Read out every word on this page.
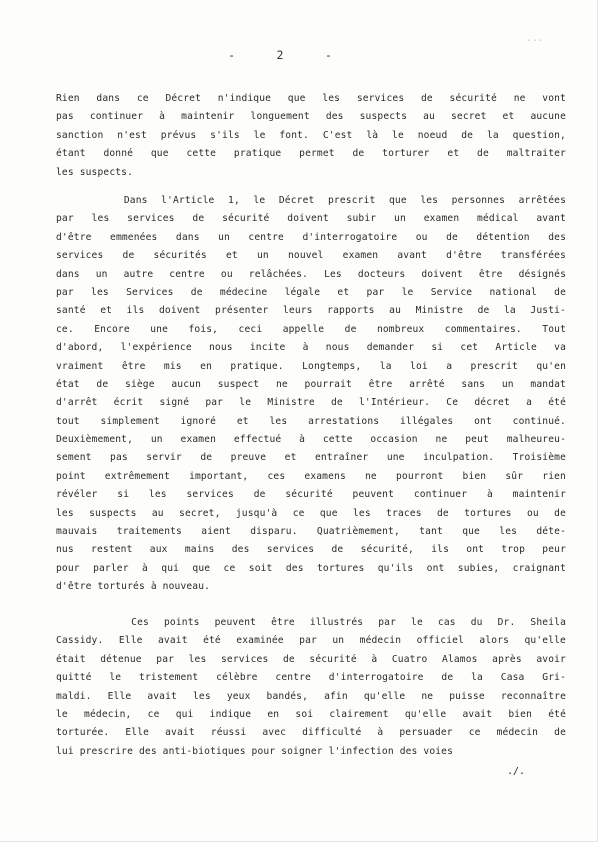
...
-      2      -
Rien dans ce Décret n'indique que les services de sécurité ne vont
pas continuer à maintenir longuement des suspects au secret et aucune
sanction n'est prévus s'ils le font. C'est là le noeud de la question,
étant donné que cette pratique permet de torturer et de maltraiter
les suspects.
Dans l'Article 1, le Décret prescrit que les personnes arrêtées
par les services de sécurité doivent subir un examen médical avant
d'être emmenées dans un centre d'interrogatoire ou de détention des
services de sécurités et un nouvel examen avant d'être transférées
dans un autre centre ou relâchées. Les docteurs doivent être désignés
par les Services de médecine légale et par le Service national de
santé et ils doivent présenter leurs rapports au Ministre de la Justi-
ce. Encore une fois, ceci appelle de nombreux commentaires. Tout
d'abord, l'expérience nous incite à nous demander si cet Article va
vraiment être mis en pratique. Longtemps, la loi a prescrit qu'en
état de siège aucun suspect ne pourrait être arrêté sans un mandat
d'arrêt écrit signé par le Ministre de l'Intérieur. Ce décret a été
tout simplement ignoré et les arrestations illégales ont continué.
Deuxièmement, un examen effectué à cette occasion ne peut malheureu-
sement pas servir de preuve et entraîner une inculpation. Troisième
point extrêmement important, ces examens ne pourront bien sûr rien
révéler si les services de sécurité peuvent continuer à maintenir
les suspects au secret, jusqu'à ce que les traces de tortures ou de
mauvais traitements aient disparu. Quatrièmement, tant que les déte-
nus restent aux mains des services de sécurité, ils ont trop peur
pour parler à qui que ce soit des tortures qu'ils ont subies, craignant
d'être torturés à nouveau.
Ces points peuvent être illustrés par le cas du Dr. Sheila
Cassidy. Elle avait été examinée par un médecin officiel alors qu'elle
était détenue par les services de sécurité à Cuatro Alamos après avoir
quitté le tristement célèbre centre d'interrogatoire de la Casa Gri-
maldi. Elle avait les yeux bandés, afin qu'elle ne puisse reconnaître
le médecin, ce qui indique en soi clairement qu'elle avait bien été
torturée. Elle avait réussi avec difficulté à persuader ce médecin de
lui prescrire des anti-biotiques pour soigner l'infection des voies
./.
